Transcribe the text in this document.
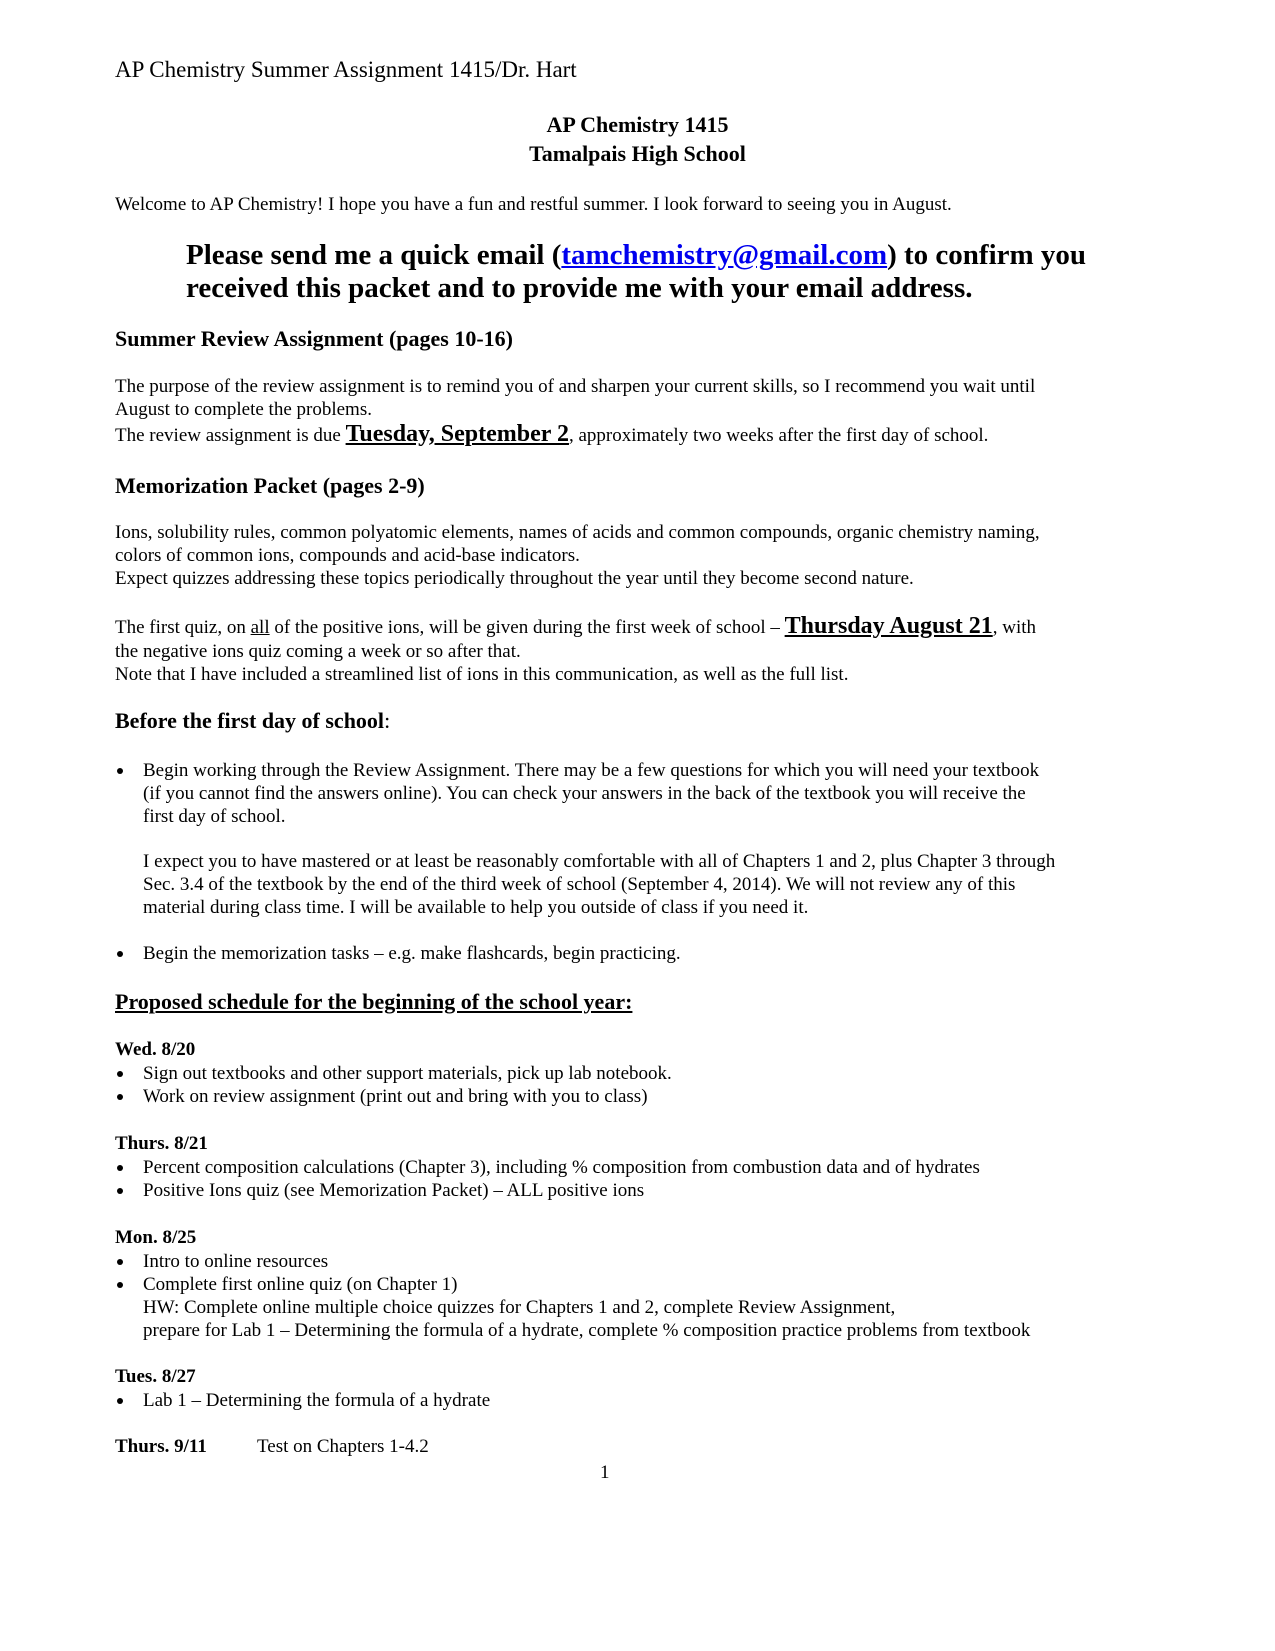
AP Chemistry Summer Assignment 1415/Dr. Hart
AP Chemistry 1415
Tamalpais High School
Welcome to AP Chemistry! I hope you have a fun and restful summer. I look forward to seeing you in August.
Please send me a quick email (tamchemistry@gmail.com) to confirm you
received this packet and to provide me with your email address.
Summer Review Assignment (pages 10-16)
The purpose of the review assignment is to remind you of and sharpen your current skills, so I recommend you wait until
August to complete the problems.
The review assignment is due Tuesday, September 2, approximately two weeks after the first day of school.
Memorization Packet (pages 2-9)
Ions, solubility rules, common polyatomic elements, names of acids and common compounds, organic chemistry naming,
colors of common ions, compounds and acid-base indicators.
Expect quizzes addressing these topics periodically throughout the year until they become second nature.
The first quiz, on all of the positive ions, will be given during the first week of school – Thursday August 21, with
the negative ions quiz coming a week or so after that.
Note that I have included a streamlined list of ions in this communication, as well as the full list.
Before the first day of school:
Begin working through the Review Assignment. There may be a few questions for which you will need your textbook
(if you cannot find the answers online). You can check your answers in the back of the textbook you will receive the
first day of school.
I expect you to have mastered or at least be reasonably comfortable with all of Chapters 1 and 2, plus Chapter 3 through
Sec. 3.4 of the textbook by the end of the third week of school (September 4, 2014). We will not review any of this
material during class time. I will be available to help you outside of class if you need it.
Begin the memorization tasks – e.g. make flashcards, begin practicing.
Proposed schedule for the beginning of the school year:
Wed. 8/20
Sign out textbooks and other support materials, pick up lab notebook.
Work on review assignment (print out and bring with you to class)
Thurs. 8/21
Percent composition calculations (Chapter 3), including % composition from combustion data and of hydrates
Positive Ions quiz (see Memorization Packet) – ALL positive ions
Mon. 8/25
Intro to online resources
Complete first online quiz (on Chapter 1)
HW: Complete online multiple choice quizzes for Chapters 1 and 2, complete Review Assignment,
prepare for Lab 1 – Determining the formula of a hydrate, complete % composition practice problems from textbook
Tues. 8/27
Lab 1 – Determining the formula of a hydrate
Thurs. 9/11	Test on Chapters 1-4.2
1
